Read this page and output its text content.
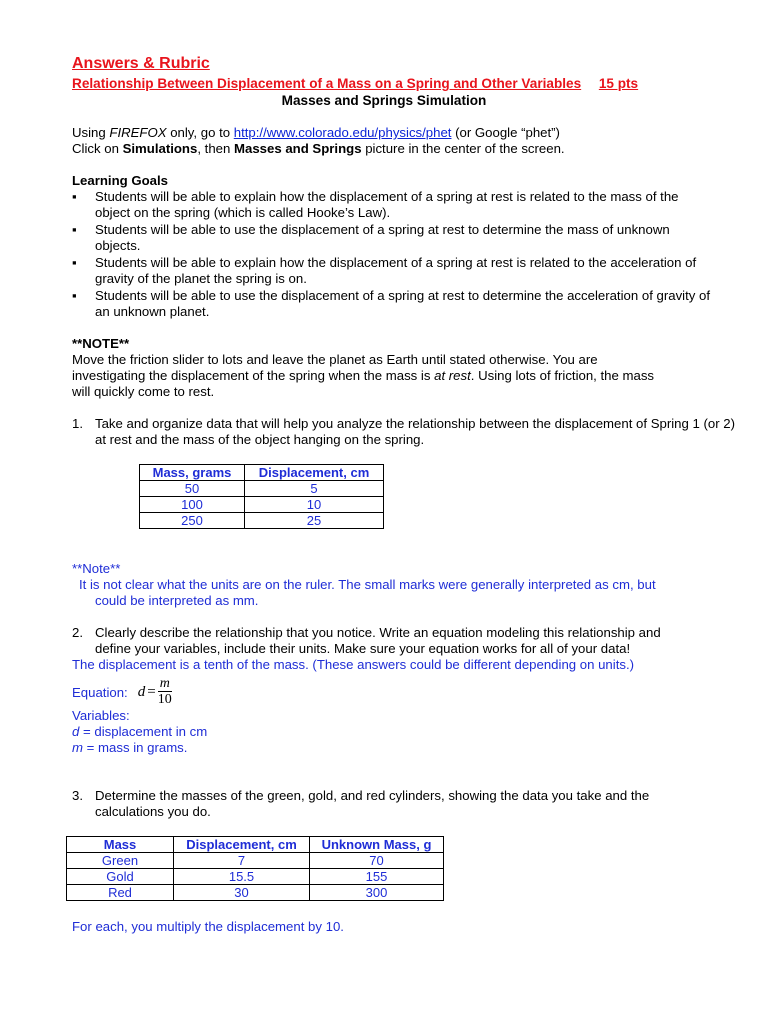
Answers & Rubric
Relationship Between Displacement of a Mass on a Spring and Other Variables 15 pts
Masses and Springs Simulation
Using FIREFOX only, go to http://www.colorado.edu/physics/phet (or Google “phet”)
Click on Simulations, then Masses and Springs picture in the center of the screen.
Learning Goals
▪	Students will be able to explain how the displacement of a spring at rest is related to the mass of the object on the spring (which is called Hooke’s Law).
▪	Students will be able to use the displacement of a spring at rest to determine the mass of unknown objects.
▪	Students will be able to explain how the displacement of a spring at rest is related to the acceleration of gravity of the planet the spring is on.
▪	Students will be able to use the displacement of a spring at rest to determine the acceleration of gravity of an unknown planet.
**NOTE**
Move the friction slider to lots and leave the planet as Earth until stated otherwise. You are
investigating the displacement of the spring when the mass is at rest. Using lots of friction, the mass
will quickly come to rest.
1. Take and organize data that will help you analyze the relationship between the displacement of Spring 1 (or 2) at rest and the mass of the object hanging on the spring.
Mass, grams	Displacement, cm
50	5
100	10
250	25
**Note**
It is not clear what the units are on the ruler. The small marks were generally interpreted as cm, but
could be interpreted as mm.
2. Clearly describe the relationship that you notice. Write an equation modeling this relationship and
define your variables, include their units. Make sure your equation works for all of your data!
The displacement is a tenth of the mass. (These answers could be different depending on units.)
Equation: $d = \frac{m}{10}$
Variables:
d = displacement in cm
m = mass in grams.
3. Determine the masses of the green, gold, and red cylinders, showing the data you take and the
calculations you do.
Mass	Displacement, cm	Unknown Mass, g
Green	7	70
Gold	15.5	155
Red	30	300
For each, you multiply the displacement by 10.
